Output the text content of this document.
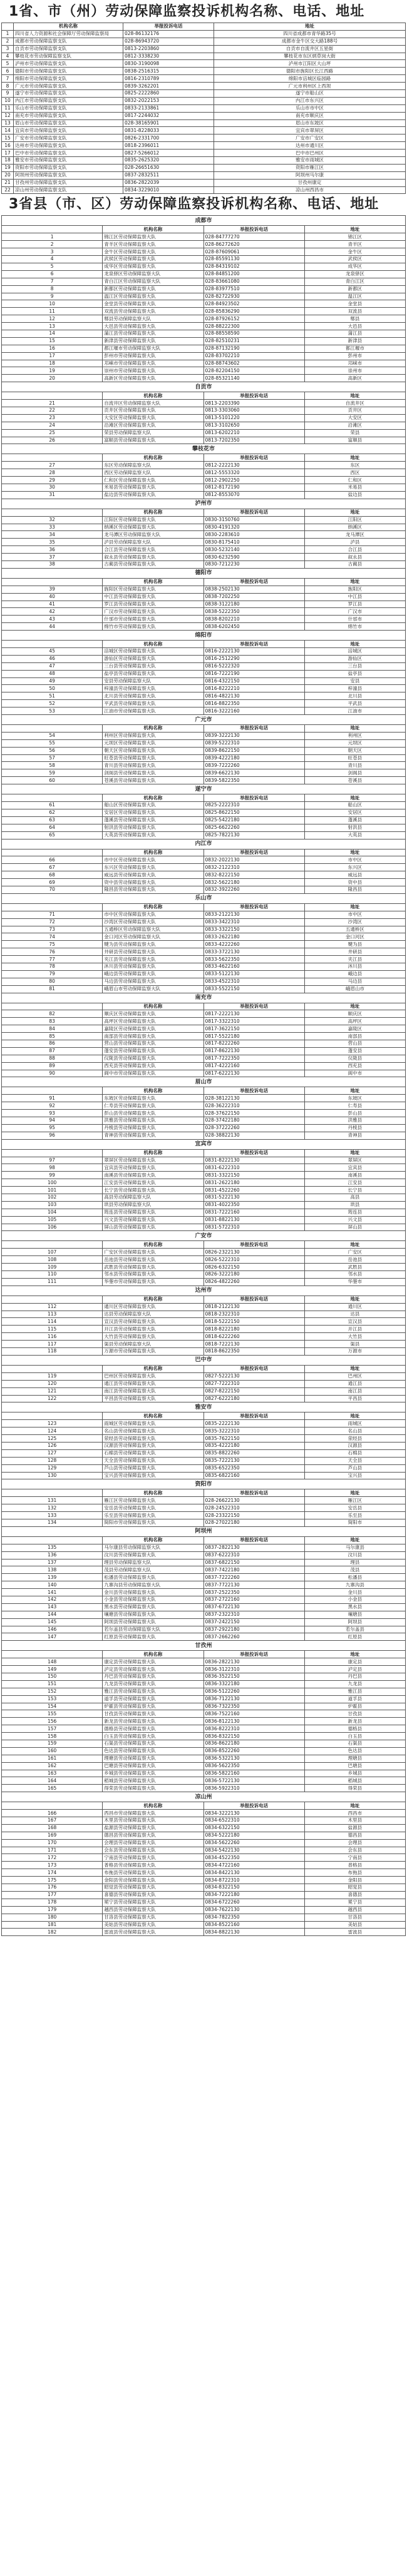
1省、市（州）劳动保障监察投诉机构名称、电话、地址
	机构名称	举报投诉电话	地址
1	四川省人力资源和社会保障厅劳动保障监察局	028-86132176	四川省成都市青华路35号
2	成都市劳动保障监察支队	028-86943720	成都市金牛区交大路188号
3	自贡市劳动保障监察支队	0813-2203860	自贡市自流井区五星街
4	攀枝花市劳动保障监察支队	0812-3338230	攀枝花市东区炳草岗大街
5	泸州市劳动保障监察支队	0830-3190098	泸州市江阳区大山坪
6	德阳市劳动保障监察支队	0838-2516315	德阳市旌阳区长江西路
7	绵阳市劳动保障监察支队	0816-2310789	绵阳市涪城区临园路
8	广元市劳动保障监察支队	0839-3262201	广元市利州区上西坝
9	遂宁市劳动保障监察支队	0825-2222860	遂宁市船山区
10	内江市劳动保障监察支队	0832-2022153	内江市东兴区
11	乐山市劳动保障监察支队	0833-2133861	乐山市市中区
12	南充市劳动保障监察支队	0817-2244032	南充市顺庆区
13	眉山市劳动保障监察支队	028-38165901	眉山市东坡区
14	宜宾市劳动保障监察支队	0831-8228033	宜宾市翠屏区
15	广安市劳动保障监察支队	0826-2331700	广安市广安区
16	达州市劳动保障监察支队	0818-2396011	达州市通川区
17	巴中市劳动保障监察支队	0827-5266012	巴中市巴州区
18	雅安市劳动保障监察支队	0835-2625320	雅安市雨城区
19	资阳市劳动保障监察支队	028-26651630	资阳市雁江区
20	阿坝州劳动保障监察支队	0837-2832511	阿坝州马尔康
21	甘孜州劳动保障监察支队	0836-2822039	甘孜州康定
22	凉山州劳动保障监察支队	0834-3229010	凉山州西昌市
3省县（市、区）劳动保障监察投诉机构名称、电话、地址
成都市			
	机构名称	举报投诉电话	地址
1	锦江区劳动保障监察大队	028-84777270	锦江区
2	青羊区劳动保障监察大队	028-86272620	青羊区
3	金牛区劳动保障监察大队	028-87609061	金牛区
4	武侯区劳动保障监察大队	028-85591130	武侯区
5	成华区劳动保障监察大队	028-84319102	成华区
6	龙泉驿区劳动保障监察大队	028-84851200	龙泉驿区
7	青白江区劳动保障监察大队	028-83661080	青白江区
8	新都区劳动保障监察大队	028-83977510	新都区
9	温江区劳动保障监察大队	028-82722930	温江区
10	金堂县劳动保障监察大队	028-84923502	金堂县
11	双流县劳动保障监察大队	028-85836290	双流县
12	郫县劳动保障监察大队	028-87926152	郫县
13	大邑县劳动保障监察大队	028-88222300	大邑县
14	蒲江县劳动保障监察大队	028-88558590	蒲江县
15	新津县劳动保障监察大队	028-82510231	新津县
16	都江堰市劳动保障监察大队	028-87132190	都江堰市
17	彭州市劳动保障监察大队	028-83702210	彭州市
18	邛崃市劳动保障监察大队	028-88743602	邛崃市
19	崇州市劳动保障监察大队	028-82204150	崇州市
20	高新区劳动保障监察大队	028-85321140	高新区
自贡市			
	机构名称	举报投诉电话	地址
21	自流井区劳动保障监察大队	0813-2203390	自流井区
22	贡井区劳动保障监察大队	0813-3303060	贡井区
23	大安区劳动保障监察大队	0813-5101220	大安区
24	沿滩区劳动保障监察大队	0813-3102650	沿滩区
25	荣县劳动保障监察大队	0813-6202210	荣县
26	富顺县劳动保障监察大队	0813-7202350	富顺县
攀枝花市			
	机构名称	举报投诉电话	地址
27	东区劳动保障监察大队	0812-2222130	东区
28	西区劳动保障监察大队	0812-5553320	西区
29	仁和区劳动保障监察大队	0812-2902250	仁和区
30	米易县劳动保障监察大队	0812-8172190	米易县
31	盐边县劳动保障监察大队	0812-8553070	盐边县
泸州市			
	机构名称	举报投诉电话	地址
32	江阳区劳动保障监察大队	0830-3150760	江阳区
33	纳溪区劳动保障监察大队	0830-4191320	纳溪区
34	龙马潭区劳动保障监察大队	0830-2283610	龙马潭区
35	泸县劳动保障监察大队	0830-8175410	泸县
36	合江县劳动保障监察大队	0830-5232140	合江县
37	叙永县劳动保障监察大队	0830-6232590	叙永县
38	古蔺县劳动保障监察大队	0830-7212230	古蔺县
德阳市			
	机构名称	举报投诉电话	地址
39	旌阳区劳动保障监察大队	0838-2502130	旌阳区
40	中江县劳动保障监察大队	0838-7202250	中江县
41	罗江县劳动保障监察大队	0838-3122180	罗江县
42	广汉市劳动保障监察大队	0838-5222350	广汉市
43	什邡市劳动保障监察大队	0838-8202210	什邡市
44	绵竹市劳动保障监察大队	0838-6202450	绵竹市
绵阳市			
	机构名称	举报投诉电话	地址
45	涪城区劳动保障监察大队	0816-2222130	涪城区
46	游仙区劳动保障监察大队	0816-2512290	游仙区
47	三台县劳动保障监察大队	0816-5222320	三台县
48	盐亭县劳动保障监察大队	0816-7222190	盐亭县
49	安县劳动保障监察大队	0816-4322150	安县
50	梓潼县劳动保障监察大队	0816-8222210	梓潼县
51	北川县劳动保障监察大队	0816-4822130	北川县
52	平武县劳动保障监察大队	0816-8822350	平武县
53	江油市劳动保障监察大队	0816-3222160	江油市
广元市			
	机构名称	举报投诉电话	地址
54	利州区劳动保障监察大队	0839-3222130	利州区
55	元坝区劳动保障监察大队	0839-5222310	元坝区
56	朝天区劳动保障监察大队	0839-8622150	朝天区
57	旺苍县劳动保障监察大队	0839-4222180	旺苍县
58	青川县劳动保障监察大队	0839-7222260	青川县
59	剑阁县劳动保障监察大队	0839-6622130	剑阁县
60	苍溪县劳动保障监察大队	0839-5822350	苍溪县
遂宁市			
	机构名称	举报投诉电话	地址
61	船山区劳动保障监察大队	0825-2222310	船山区
62	安居区劳动保障监察大队	0825-8622150	安居区
63	蓬溪县劳动保障监察大队	0825-5422180	蓬溪县
64	射洪县劳动保障监察大队	0825-6622260	射洪县
65	大英县劳动保障监察大队	0825-7822130	大英县
内江市			
	机构名称	举报投诉电话	地址
66	市中区劳动保障监察大队	0832-2022130	市中区
67	东兴区劳动保障监察大队	0832-2122310	东兴区
68	威远县劳动保障监察大队	0832-8222150	威远县
69	资中县劳动保障监察大队	0832-5622180	资中县
70	隆昌县劳动保障监察大队	0832-3922260	隆昌县
乐山市			
	机构名称	举报投诉电话	地址
71	市中区劳动保障监察大队	0833-2122130	市中区
72	沙湾区劳动保障监察大队	0833-3422310	沙湾区
73	五通桥区劳动保障监察大队	0833-3322150	五通桥区
74	金口河区劳动保障监察大队	0833-2622180	金口河区
75	犍为县劳动保障监察大队	0833-4222260	犍为县
76	井研县劳动保障监察大队	0833-3722130	井研县
77	夹江县劳动保障监察大队	0833-5622350	夹江县
78	沐川县劳动保障监察大队	0833-4622160	沐川县
79	峨边县劳动保障监察大队	0833-5122130	峨边县
80	马边县劳动保障监察大队	0833-4522310	马边县
81	峨眉山市劳动保障监察大队	0833-5522150	峨眉山市
南充市			
	机构名称	举报投诉电话	地址
82	顺庆区劳动保障监察大队	0817-2222130	顺庆区
83	高坪区劳动保障监察大队	0817-3322310	高坪区
84	嘉陵区劳动保障监察大队	0817-3622150	嘉陵区
85	南部县劳动保障监察大队	0817-5522180	南部县
86	营山县劳动保障监察大队	0817-8222260	营山县
87	蓬安县劳动保障监察大队	0817-8622130	蓬安县
88	仪陇县劳动保障监察大队	0817-7222350	仪陇县
89	西充县劳动保障监察大队	0817-4222160	西充县
90	阆中市劳动保障监察大队	0817-6222130	阆中市
眉山市			
	机构名称	举报投诉电话	地址
91	东坡区劳动保障监察大队	028-38122130	东坡区
92	仁寿县劳动保障监察大队	028-36222310	仁寿县
93	彭山县劳动保障监察大队	028-37622150	彭山县
94	洪雅县劳动保障监察大队	028-37422180	洪雅县
95	丹棱县劳动保障监察大队	028-37222260	丹棱县
96	青神县劳动保障监察大队	028-38822130	青神县
宜宾市			
	机构名称	举报投诉电话	地址
97	翠屏区劳动保障监察大队	0831-8222130	翠屏区
98	宜宾县劳动保障监察大队	0831-6222310	宜宾县
99	南溪县劳动保障监察大队	0831-3322150	南溪县
100	江安县劳动保障监察大队	0831-2622180	江安县
101	长宁县劳动保障监察大队	0831-4522260	长宁县
102	高县劳动保障监察大队	0831-5222130	高县
103	珙县劳动保障监察大队	0831-4022350	珙县
104	筠连县劳动保障监察大队	0831-7222160	筠连县
105	兴文县劳动保障监察大队	0831-8822130	兴文县
106	屏山县劳动保障监察大队	0831-5722310	屏山县
广安市			
	机构名称	举报投诉电话	地址
107	广安区劳动保障监察大队	0826-2322130	广安区
108	岳池县劳动保障监察大队	0826-5222310	岳池县
109	武胜县劳动保障监察大队	0826-6322150	武胜县
110	邻水县劳动保障监察大队	0826-3222180	邻水县
111	华蓥市劳动保障监察大队	0826-4822260	华蓥市
达州市			
	机构名称	举报投诉电话	地址
112	通川区劳动保障监察大队	0818-2122130	通川区
113	达县劳动保障监察大队	0818-2322310	达县
114	宣汉县劳动保障监察大队	0818-5222150	宣汉县
115	开江县劳动保障监察大队	0818-8222180	开江县
116	大竹县劳动保障监察大队	0818-6222260	大竹县
117	渠县劳动保障监察大队	0818-7222130	渠县
118	万源市劳动保障监察大队	0818-8622350	万源市
巴中市			
	机构名称	举报投诉电话	地址
119	巴州区劳动保障监察大队	0827-5222130	巴州区
120	通江县劳动保障监察大队	0827-7222310	通江县
121	南江县劳动保障监察大队	0827-8222150	南江县
122	平昌县劳动保障监察大队	0827-6222180	平昌县
雅安市			
	机构名称	举报投诉电话	地址
123	雨城区劳动保障监察大队	0835-2222130	雨城区
124	名山县劳动保障监察大队	0835-3222310	名山县
125	荥经县劳动保障监察大队	0835-7622150	荥经县
126	汉源县劳动保障监察大队	0835-4222180	汉源县
127	石棉县劳动保障监察大队	0835-8822260	石棉县
128	天全县劳动保障监察大队	0835-7222130	天全县
129	芦山县劳动保障监察大队	0835-6522350	芦山县
130	宝兴县劳动保障监察大队	0835-6822160	宝兴县
资阳市			
	机构名称	举报投诉电话	地址
131	雁江区劳动保障监察大队	028-26622130	雁江区
132	安岳县劳动保障监察大队	028-24522310	安岳县
133	乐至县劳动保障监察大队	028-23322150	乐至县
134	简阳市劳动保障监察大队	028-27022180	简阳市
阿坝州			
	机构名称	举报投诉电话	地址
135	马尔康县劳动保障监察大队	0837-2822130	马尔康县
136	汶川县劳动保障监察大队	0837-6222310	汶川县
137	理县劳动保障监察大队	0837-6822150	理县
138	茂县劳动保障监察大队	0837-7422180	茂县
139	松潘县劳动保障监察大队	0837-7222260	松潘县
140	九寨沟县劳动保障监察大队	0837-7722130	九寨沟县
141	金川县劳动保障监察大队	0837-2522350	金川县
142	小金县劳动保障监察大队	0837-2722160	小金县
143	黑水县劳动保障监察大队	0837-6722130	黑水县
144	壤塘县劳动保障监察大队	0837-2322310	壤塘县
145	阿坝县劳动保障监察大队	0837-2422150	阿坝县
146	若尔盖县劳动保障监察大队	0837-2922180	若尔盖县
147	红原县劳动保障监察大队	0837-2662260	红原县
甘孜州			
	机构名称	举报投诉电话	地址
148	康定县劳动保障监察大队	0836-2822130	康定县
149	泸定县劳动保障监察大队	0836-3122310	泸定县
150	丹巴县劳动保障监察大队	0836-3522150	丹巴县
151	九龙县劳动保障监察大队	0836-3322180	九龙县
152	雅江县劳动保障监察大队	0836-5122260	雅江县
153	道孚县劳动保障监察大队	0836-7122130	道孚县
154	炉霍县劳动保障监察大队	0836-7322350	炉霍县
155	甘孜县劳动保障监察大队	0836-7522160	甘孜县
156	新龙县劳动保障监察大队	0836-8122130	新龙县
157	德格县劳动保障监察大队	0836-8222310	德格县
158	白玉县劳动保障监察大队	0836-8322150	白玉县
159	石渠县劳动保障监察大队	0836-8622180	石渠县
160	色达县劳动保障监察大队	0836-8522260	色达县
161	理塘县劳动保障监察大队	0836-5322130	理塘县
162	巴塘县劳动保障监察大队	0836-5622350	巴塘县
163	乡城县劳动保障监察大队	0836-5822160	乡城县
164	稻城县劳动保障监察大队	0836-5722130	稻城县
165	得荣县劳动保障监察大队	0836-5922310	得荣县
凉山州			
	机构名称	举报投诉电话	地址
166	西昌市劳动保障监察大队	0834-3222130	西昌市
167	木里县劳动保障监察大队	0834-6522310	木里县
168	盐源县劳动保障监察大队	0834-6322150	盐源县
169	德昌县劳动保障监察大队	0834-5222180	德昌县
170	会理县劳动保障监察大队	0834-5622260	会理县
171	会东县劳动保障监察大队	0834-5422130	会东县
172	宁南县劳动保障监察大队	0834-4522350	宁南县
173	普格县劳动保障监察大队	0834-4722160	普格县
174	布拖县劳动保障监察大队	0834-8422130	布拖县
175	金阳县劳动保障监察大队	0834-8722310	金阳县
176	昭觉县劳动保障监察大队	0834-8322150	昭觉县
177	喜德县劳动保障监察大队	0834-7222180	喜德县
178	冕宁县劳动保障监察大队	0834-6722260	冕宁县
179	越西县劳动保障监察大队	0834-7622130	越西县
180	甘洛县劳动保障监察大队	0834-7822350	甘洛县
181	美姑县劳动保障监察大队	0834-8522160	美姑县
182	雷波县劳动保障监察大队	0834-8822130	雷波县
